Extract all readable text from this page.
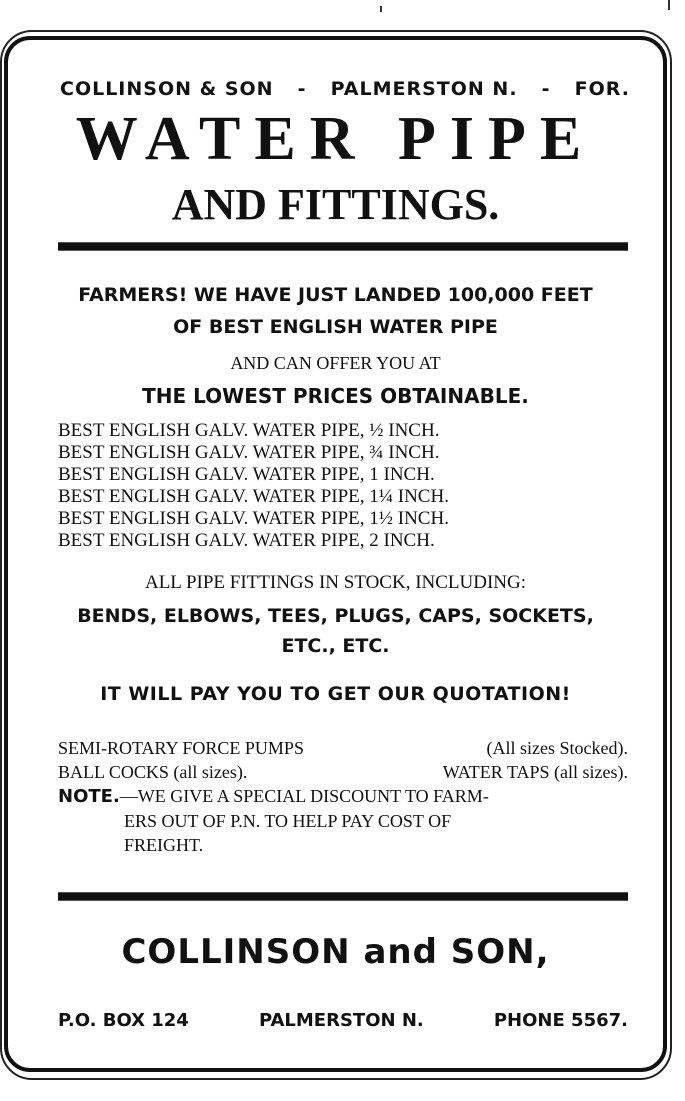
COLLINSON & SON - PALMERSTON N. - FOR.
WATER PIPE
AND FITTINGS.
FARMERS! WE HAVE JUST LANDED 100,000 FEET
OF BEST ENGLISH WATER PIPE
AND CAN OFFER YOU AT
THE LOWEST PRICES OBTAINABLE.
BEST ENGLISH GALV. WATER PIPE, ½ INCH.
BEST ENGLISH GALV. WATER PIPE, ¾ INCH.
BEST ENGLISH GALV. WATER PIPE, 1 INCH.
BEST ENGLISH GALV. WATER PIPE, 1¼ INCH.
BEST ENGLISH GALV. WATER PIPE, 1½ INCH.
BEST ENGLISH GALV. WATER PIPE, 2 INCH.
ALL PIPE FITTINGS IN STOCK, INCLUDING:
BENDS, ELBOWS, TEES, PLUGS, CAPS, SOCKETS,
ETC., ETC.
IT WILL PAY YOU TO GET OUR QUOTATION!
SEMI-ROTARY FORCE PUMPS	(All sizes Stocked).
BALL COCKS (all sizes).	WATER TAPS (all sizes).
NOTE.—WE GIVE A SPECIAL DISCOUNT TO FARM-
ERS OUT OF P.N. TO HELP PAY COST OF
FREIGHT.
COLLINSON and SON,
P.O. BOX 124	PALMERSTON N.	PHONE 5567.
